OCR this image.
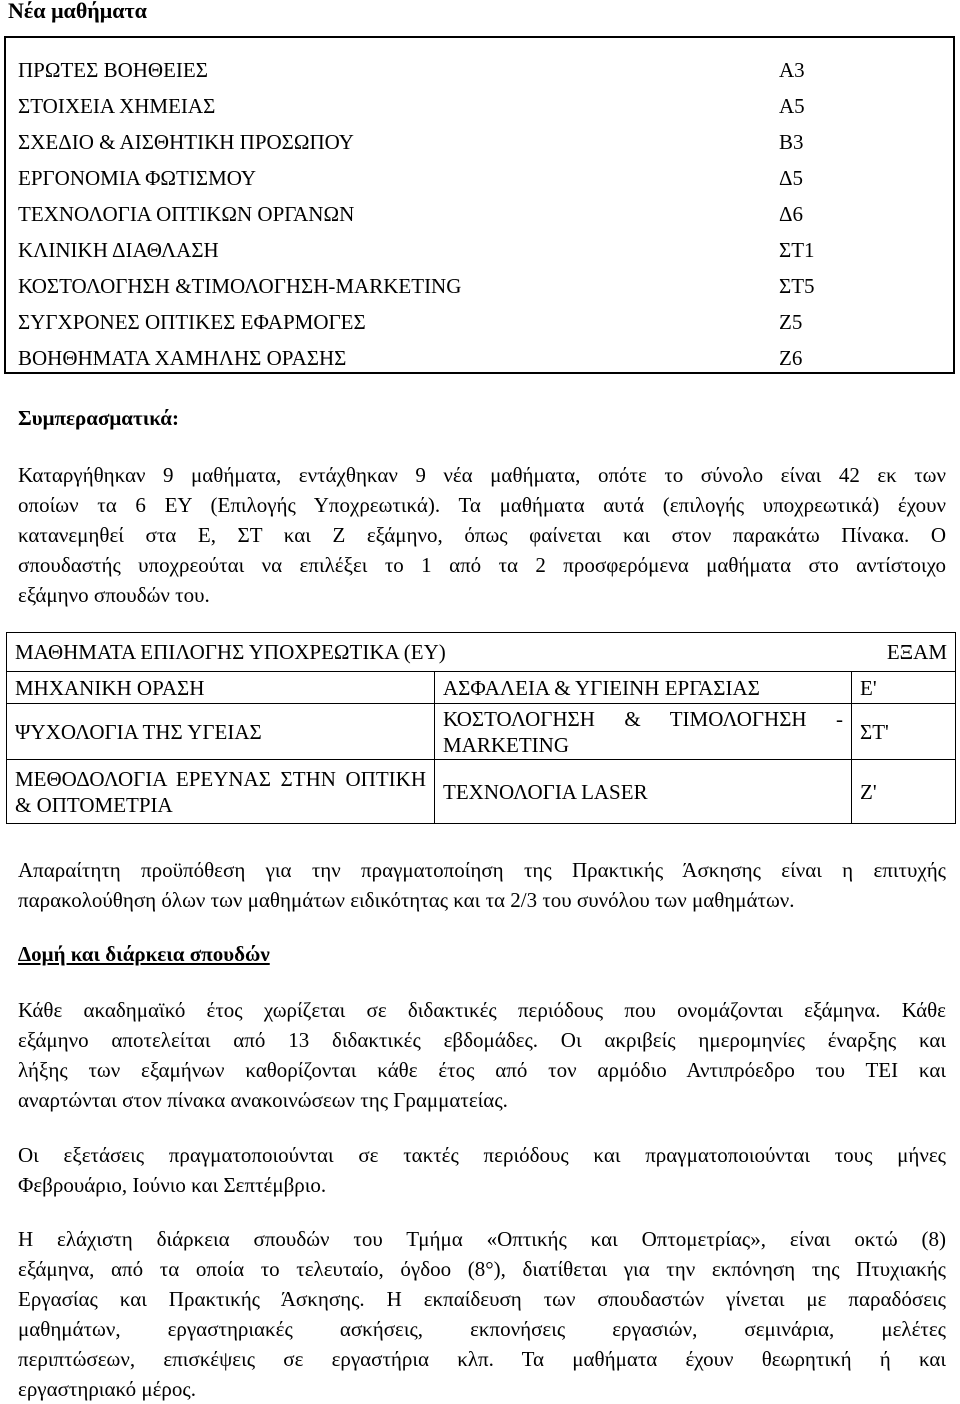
Νέα μαθήματα
ΠΡΩΤΕΣ ΒΟΗΘΕΙΕΣ	Α3
ΣΤΟΙΧΕΙΑ ΧΗΜΕΙΑΣ	Α5
ΣΧΕΔΙΟ & ΑΙΣΘΗΤΙΚΗ ΠΡΟΣΩΠΟΥ	Β3
ΕΡΓΟΝΟΜΙΑ ΦΩΤΙΣΜΟΥ	Δ5
ΤΕΧΝΟΛΟΓΙΑ ΟΠΤΙΚΩΝ ΟΡΓΑΝΩΝ	Δ6
ΚΛΙΝΙΚΗ ΔΙΑΘΛΑΣΗ	ΣΤ1
ΚΟΣΤΟΛΟΓΗΣΗ &ΤΙΜΟΛΟΓΗΣΗ-MARKETING	ΣΤ5
ΣΥΓΧΡΟΝΕΣ ΟΠΤΙΚΕΣ ΕΦΑΡΜΟΓΕΣ	Ζ5
ΒΟΗΘΗΜΑΤΑ ΧΑΜΗΛΗΣ ΟΡΑΣΗΣ	Ζ6
Συμπερασματικά:
Καταργήθηκαν 9 μαθήματα, εντάχθηκαν 9 νέα μαθήματα, οπότε το σύνολο είναι 42 εκ των
οποίων τα 6 ΕΥ (Επιλογής Υποχρεωτικά). Τα μαθήματα αυτά (επιλογής υποχρεωτικά) έχουν
κατανεμηθεί στα Ε, ΣΤ και Ζ εξάμηνο, όπως φαίνεται και στον παρακάτω Πίνακα. Ο
σπουδαστής υποχρεούται να επιλέξει το 1 από τα 2 προσφερόμενα μαθήματα στο αντίστοιχο
εξάμηνο σπουδών του.
ΜΑΘΗΜΑΤΑ ΕΠΙΛΟΓΗΣ ΥΠΟΧΡΕΩΤΙΚΑ (ΕΥ) ΕΞΑΜ		

ΜΗΧΑΝΙΚΗ ΟΡΑΣΗ	ΑΣΦΑΛΕΙΑ & ΥΓΙΕΙΝΗ ΕΡΓΑΣΙΑΣ	Ε'
ΨΥΧΟΛΟΓΙΑ ΤΗΣ ΥΓΕΙΑΣ	ΚΟΣΤΟΛΟΓΗΣΗ & ΤΙΜΟΛΟΓΗΣΗ - MARKETING	ΣΤ'
ΜΕΘΟΔΟΛΟΓΙΑ ΕΡΕΥΝΑΣ ΣΤΗΝ ΟΠΤΙΚΗ & ΟΠΤΟΜΕΤΡΙΑ	ΤΕΧΝΟΛΟΓΙΑ LASER	Ζ'
Απαραίτητη προϋπόθεση για την πραγματοποίηση της Πρακτικής Άσκησης είναι η επιτυχής
παρακολούθηση όλων των μαθημάτων ειδικότητας και τα 2/3 του συνόλου των μαθημάτων.
Δομή και διάρκεια σπουδών
Κάθε ακαδημαϊκό έτος χωρίζεται σε διδακτικές περιόδους που ονομάζονται εξάμηνα. Κάθε
εξάμηνο αποτελείται από 13 διδακτικές εβδομάδες. Οι ακριβείς ημερομηνίες έναρξης και
λήξης των εξαμήνων καθορίζονται κάθε έτος από τον αρμόδιο Αντιπρόεδρο του ΤΕΙ και
αναρτώνται στον πίνακα ανακοινώσεων της Γραμματείας.
Οι εξετάσεις πραγματοποιούνται σε τακτές περιόδους και πραγματοποιούνται τους μήνες
Φεβρουάριο, Ιούνιο και Σεπτέμβριο.
Η ελάχιστη διάρκεια σπουδών του Τμήμα «Οπτικής και Οπτομετρίας», είναι οκτώ (8)
εξάμηνα, από τα οποία το τελευταίο, όγδοο (8°), διατίθεται για την εκπόνηση της Πτυχιακής
Εργασίας και Πρακτικής Άσκησης. Η εκπαίδευση των σπουδαστών γίνεται με παραδόσεις
μαθημάτων, εργαστηριακές ασκήσεις, εκπονήσεις εργασιών, σεμινάρια, μελέτες
περιπτώσεων, επισκέψεις σε εργαστήρια κλπ. Τα μαθήματα έχουν θεωρητική ή και
εργαστηριακό μέρος.
